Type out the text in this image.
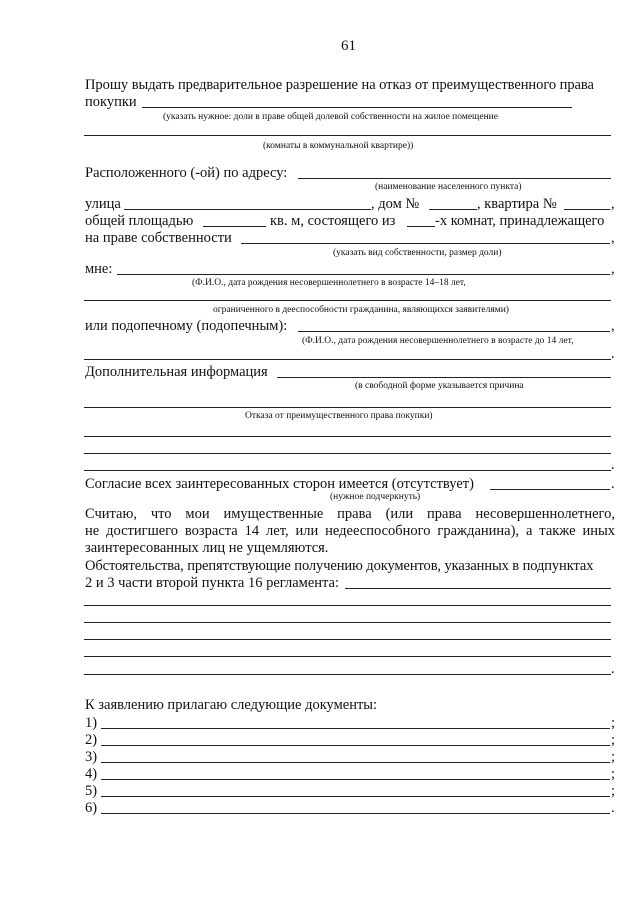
61
Прошу выдать предварительное разрешение на отказ от преимущественного права
покупки
(указать нужное: доли в праве общей долевой собственности на жилое помещение
(комнаты в коммунальной квартире))
Расположенного (-ой) по адресу:
(наименование населенного пункта)
улица	, дом №	, квартира №	,
общей площадью	кв. м, состоящего из	-х комнат, принадлежащего
на праве собственности	,
(указать вид собственности, размер доли)
мне:	,
(Ф.И.О., дата рождения несовершеннолетнего в возрасте 14–18 лет,
ограниченного в дееспособности гражданина, являющихся заявителями)
или подопечному (подопечным):	,
(Ф.И.О., дата рождения несовершеннолетнего в возрасте до 14 лет,
.
Дополнительная информация
(в свободной форме указывается причина
Отказа от преимущественного права покупки)
.
Согласие всех заинтересованных сторон имеется (отсутствует)	.
(нужное подчеркнуть)
Считаю, что мои имущественные права (или права несовершеннолетнего,
не достигшего возраста 14 лет, или недееспособного гражданина), а также иных
заинтересованных лиц не ущемляются.
Обстоятельства, препятствующие получению документов, указанных в подпунктах
2 и 3 части второй пункта 16 регламента:
.
К заявлению прилагаю следующие документы:
1)	;
2)	;
3)	;
4)	;
5)	;
6)	.
